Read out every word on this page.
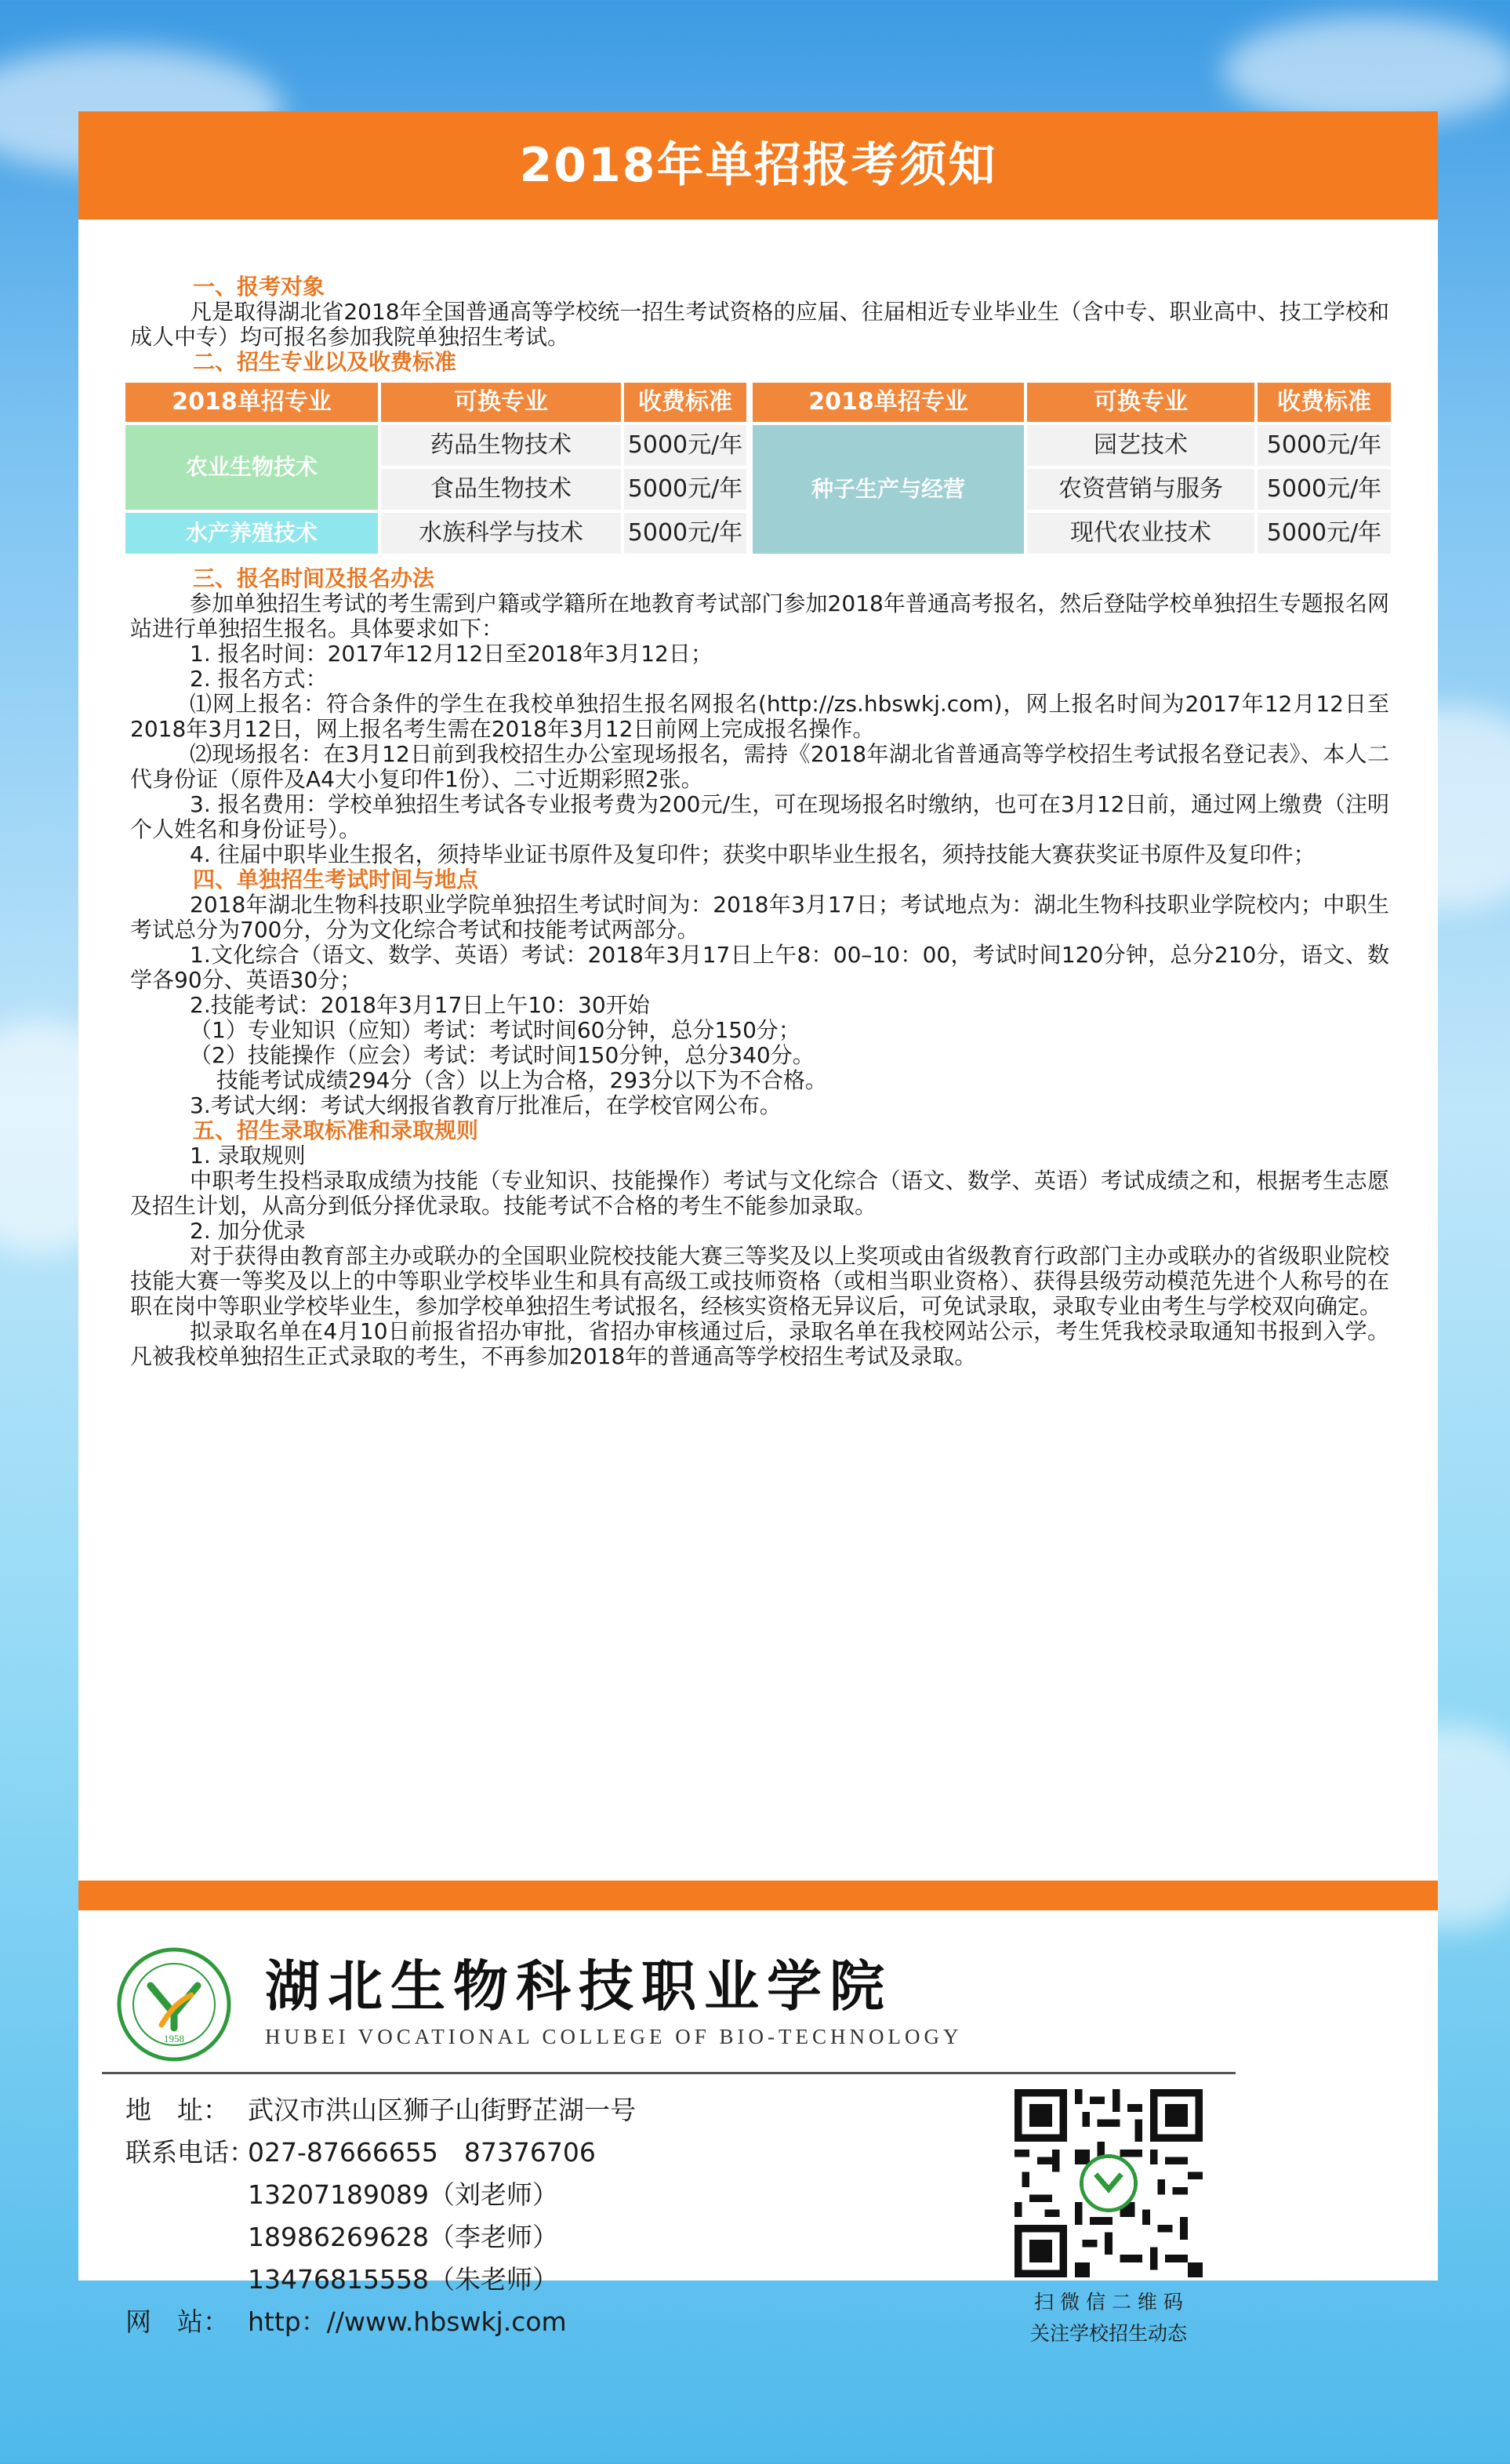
2018年单招报考须知

一、报考对象

凡是取得湖北省2018年全国普通高等学校统一招生考试资格的应届、往届相近专业毕业生（含中专、职业高中、技工学校和成人中专）均可报名参加我院单独招生考试。

二、招生专业以及收费标准

2018单招专业	可换专业	收费标准
农业生物技术	药品生物技术	5000元/年
	食品生物技术	5000元/年
水产养殖技术	水族科学与技术	5000元/年
2018单招专业	可换专业	收费标准
种子生产与经营	园艺技术	5000元/年
	农资营销与服务	5000元/年
	现代农业技术	5000元/年

三、报名时间及报名办法

参加单独招生考试的考生需到户籍或学籍所在地教育考试部门参加2018年普通高考报名，然后登陆学校单独招生专题报名网站进行单独招生报名。具体要求如下：

1. 报名时间：2017年12月12日至2018年3月12日；

2. 报名方式：

⑴网上报名：符合条件的学生在我校单独招生报名网报名(http://zs.hbswkj.com)，网上报名时间为2017年12月12日至2018年3月12日，网上报名考生需在2018年3月12日前网上完成报名操作。

⑵现场报名：在3月12日前到我校招生办公室现场报名，需持《2018年湖北省普通高等学校招生考试报名登记表》、本人二代身份证（原件及A4大小复印件1份）、二寸近期彩照2张。

3. 报名费用：学校单独招生考试各专业报考费为200元/生，可在现场报名时缴纳，也可在3月12日前，通过网上缴费（注明个人姓名和身份证号）。

4. 往届中职毕业生报名，须持毕业证书原件及复印件；获奖中职毕业生报名，须持技能大赛获奖证书原件及复印件；

四、单独招生考试时间与地点

2018年湖北生物科技职业学院单独招生考试时间为：2018年3月17日；考试地点为：湖北生物科技职业学院校内；中职生考试总分为700分，分为文化综合考试和技能考试两部分。

1.文化综合（语文、数学、英语）考试：2018年3月17日上午8：00–10：00，考试时间120分钟，总分210分，语文、数学各90分、英语30分；

2.技能考试：2018年3月17日上午10：30开始

（1）专业知识（应知）考试：考试时间60分钟，总分150分；

（2）技能操作（应会）考试：考试时间150分钟，总分340分。

技能考试成绩294分（含）以上为合格，293分以下为不合格。

3.考试大纲：考试大纲报省教育厅批准后，在学校官网公布。

五、招生录取标准和录取规则

1. 录取规则

中职考生投档录取成绩为技能（专业知识、技能操作）考试与文化综合（语文、数学、英语）考试成绩之和，根据考生志愿及招生计划，从高分到低分择优录取。技能考试不合格的考生不能参加录取。

2. 加分优录

对于获得由教育部主办或联办的全国职业院校技能大赛三等奖及以上奖项或由省级教育行政部门主办或联办的省级职业院校技能大赛一等奖及以上的中等职业学校毕业生和具有高级工或技师资格（或相当职业资格）、获得县级劳动模范先进个人称号的在职在岗中等职业学校毕业生，参加学校单独招生考试报名，经核实资格无异议后，可免试录取，录取专业由考生与学校双向确定。

拟录取名单在4月10日前报省招办审批，省招办审核通过后，录取名单在我校网站公示，考生凭我校录取通知书报到入学。凡被我校单独招生正式录取的考生，不再参加2018年的普通高等学校招生考试及录取。

1958
湖北生物科技职业学院
HUBEI VOCATIONAL COLLEGE OF BIO-TECHNOLOGY
地　址： 武汉市洪山区狮子山街野芷湖一号
联系电话：027-87666655　87376706
13207189089（刘老师）
18986269628（李老师）
13476815558（朱老师）
网　站： http：//www.hbswkj.com
扫 微 信 二 维 码
关注学校招生动态
